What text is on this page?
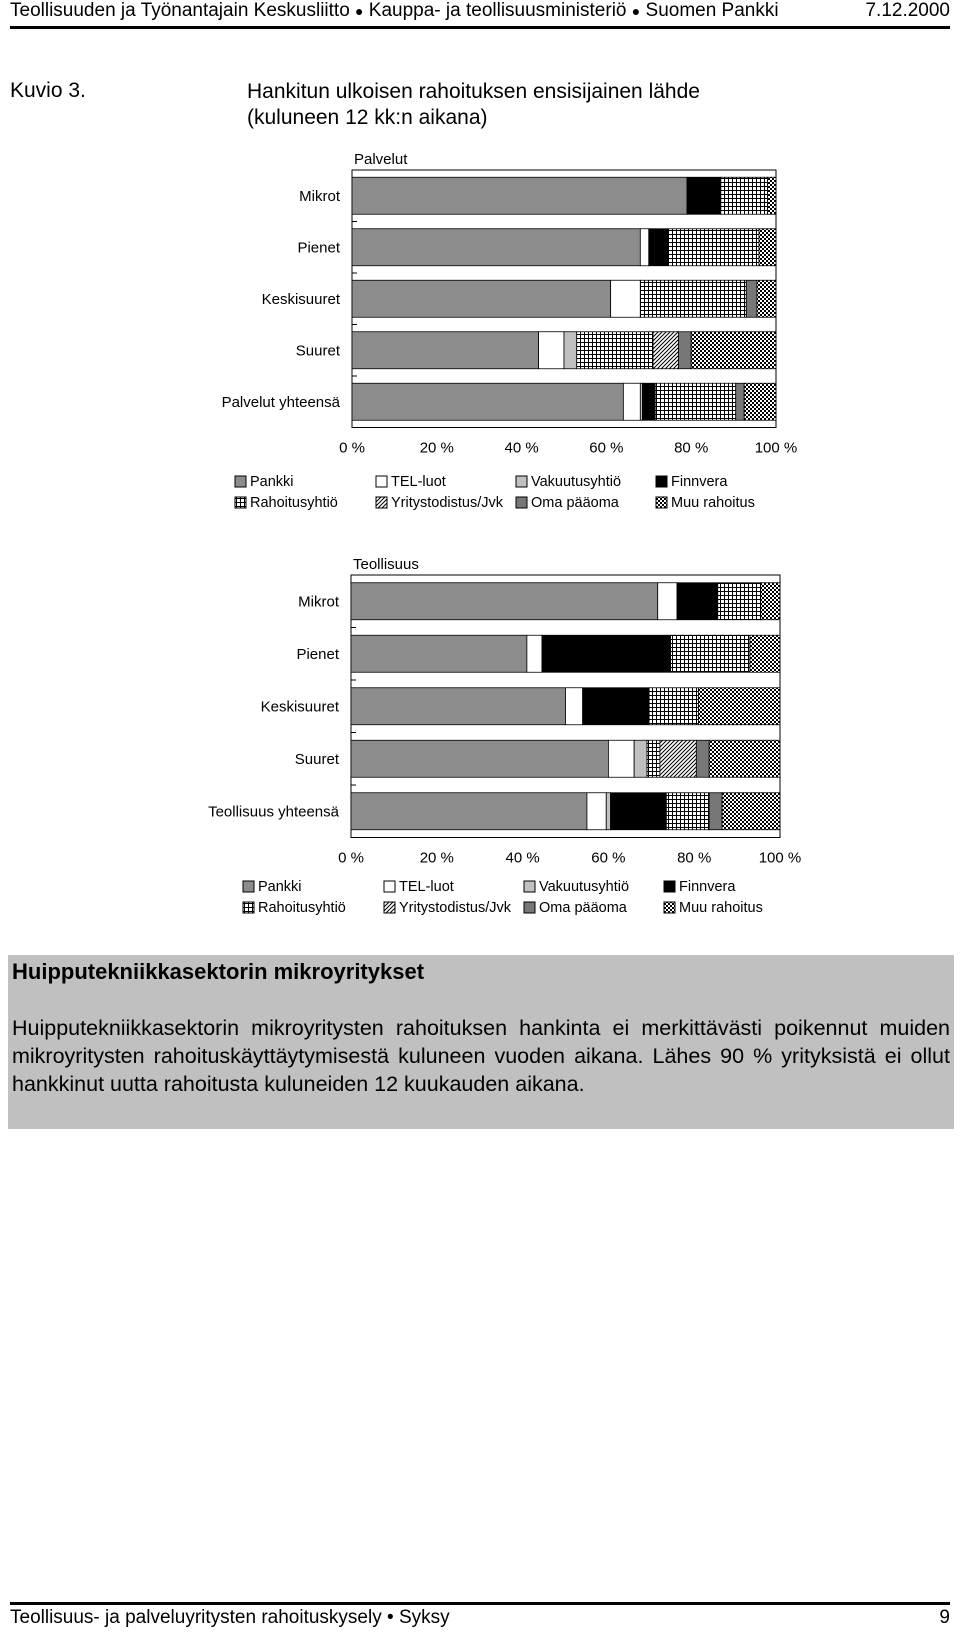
Teollisuuden ja Työnantajain Keskusliitto ● Kauppa- ja teollisuusministeriö ● Suomen Pankki	7.12.2000
Kuvio 3.	Hankitun ulkoisen rahoituksen ensisijainen lähde
(kuluneen 12 kk:n aikana)
Palvelut
Mikrot
Pienet
Keskisuuret
Suuret
Palvelut yhteensä
0 %	20 %	40 %	60 %	80 %	100 %
Pankki	TEL-luot	Vakuutusyhtiö	Finnvera
Rahoitusyhtiö	Yritystodistus/Jvk Oma pääoma	Muu rahoitus
Teollisuus
Mikrot
Pienet
Keskisuuret
Suuret
Teollisuus yhteensä
0 %	20 %	40 %	60 %	80 %	100 %
Pankki	TEL-luot	Vakuutusyhtiö	Finnvera
Rahoitusyhtiö	Yritystodistus/Jvk Oma pääoma	Muu rahoitus
Huipputekniikkasektorin mikroyritykset

Huipputekniikkasektorin mikroyritysten rahoituksen hankinta ei merkittävästi poikennut muiden mikroyritysten rahoituskäyttäytymisestä kuluneen vuoden aikana. Lähes 90 % yrityksistä ei ollut hankkinut uutta rahoitusta kuluneiden 12 kuukauden aikana.

Teollisuus- ja palveluyritysten rahoituskysely • Syksy	9
